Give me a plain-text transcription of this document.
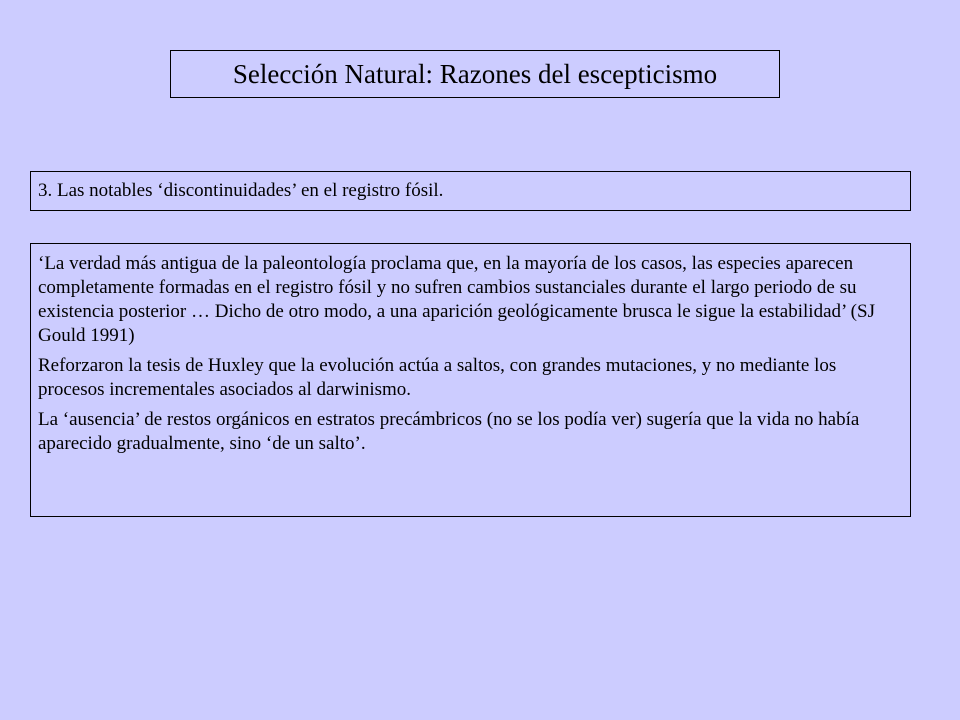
Selección Natural: Razones del escepticismo
3. Las notables ‘discontinuidades’ en el registro fósil.

‘La verdad más antigua de la paleontología proclama que, en la mayoría de los casos, las especies aparecen completamente formadas en el registro fósil y no sufren cambios sustanciales durante el largo periodo de su existencia posterior … Dicho de otro modo, a una aparición geológicamente brusca le sigue la estabilidad’ (SJ Gould 1991)

Reforzaron la tesis de Huxley que la evolución actúa a saltos, con grandes mutaciones, y no mediante los procesos incrementales asociados al darwinismo.

La ‘ausencia’ de restos orgánicos en estratos precámbricos (no se los podía ver) sugería que la vida no había aparecido gradualmente, sino ‘de un salto’.
